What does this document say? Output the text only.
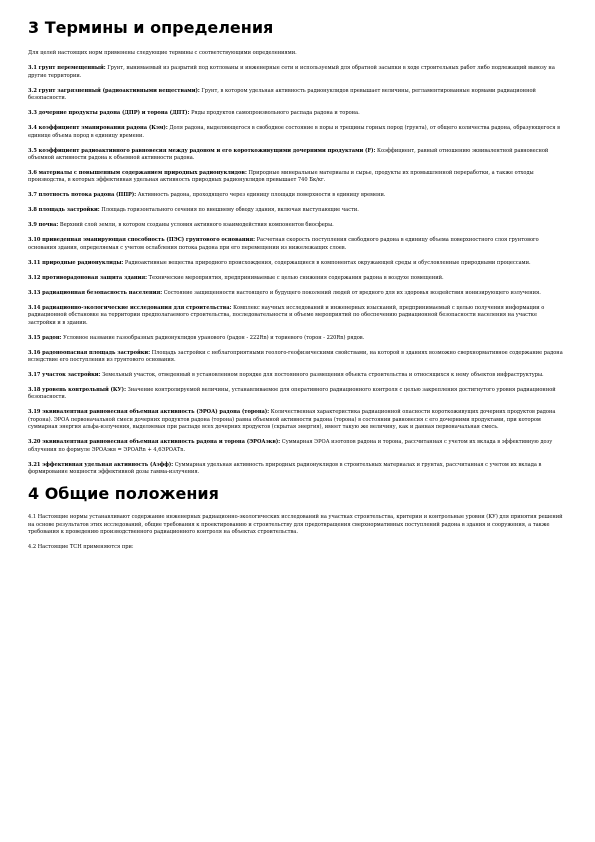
3 Термины и определения
Для целей настоящих норм применены следующие термины с соответствующими определениями.
3.1 грунт перемещенный: Грунт, вынимаемый из разрытий под котлованы и инженерные сети и используемый для обратной засыпки в ходе строительных работ либо подлежащий вывозу на другие территории.
3.2 грунт загрязненный (радиоактивными веществами): Грунт, в котором удельная активность радионуклидов превышает величины, регламентированные нормами радиационной безопасности.
3.3 дочерние продукты радона (ДПР) и торона (ДПТ): Ряды продуктов самопроизвольного распада радона и торона.
3.4 коэффициент эманирования радона (Кэм): Доля радона, выделяющегося в свободное состояние в поры и трещины горных пород (грунта), от общего количества радона, образующегося в единице объема пород в единицу времени.
3.5 коэффициент радиоактивного равновесия между радоном и его короткоживущими дочерними продуктами (F): Коэффициент, равный отношению эквивалентной равновесной объемной активности радона к объемной активности радона.
3.6 материалы с повышенным содержанием природных радионуклидов: Природные минеральные материалы и сырье, продукты их промышленной переработки, а также отходы производства, в которых эффективная удельная активность природных радионуклидов превышает 740 Бк/кг.
3.7 плотность потока радона (ППР): Активность радона, проходящего через единицу площади поверхности в единицу времени.
3.8 площадь застройки: Площадь горизонтального сечения по внешнему обводу здания, включая выступающие части.
3.9 почва: Верхний слой земли, в котором созданы условия активного взаимодействия компонентов биосферы.
3.10 приведенная эманирующая способность (ПЭС) грунтового основания: Расчетная скорость поступления свободного радона в единицу объема поверхностного слоя грунтового основания здания, определяемая с учетом ослабления потока радона при его перемещении из нижележащих слоев.
3.11 природные радионуклиды: Радиоактивные вещества природного происхождения, содержащиеся в компонентах окружающей среды и обусловленные природными процессами.
3.12 противорадоновая защита здания: Технические мероприятия, предпринимаемые с целью снижения содержания радона в воздухе помещений.
3.13 радиационная безопасность населения: Состояние защищенности настоящего и будущего поколений людей от вредного для их здоровья воздействия ионизирующего излучения.
3.14 радиационно-экологические исследования для строительства: Комплекс научных исследований и инженерных изысканий, предпринимаемый с целью получения информации о радиационной обстановке на территории предполагаемого строительства, последовательности и объеме мероприятий по обеспечению радиационной безопасности населения на участке застройки и в здании.
3.15 радон: Условное название газообразных радионуклидов уранового (радон - 222Rn) и ториевого (торон - 220Rn) рядов.
3.16 радоноопасная площадь застройки: Площадь застройки с неблагоприятными геолого-геофизическими свойствами, на которой в зданиях возможно сверхнормативное содержание радона вследствие его поступления из грунтового основания.
3.17 участок застройки: Земельный участок, отведенный в установленном порядке для постоянного размещения объекта строительства и относящихся к нему объектов инфраструктуры.
3.18 уровень контрольный (КУ): Значение контролируемой величины, устанавливаемое для оперативного радиационного контроля с целью закрепления достигнутого уровня радиационной безопасности.
3.19 эквивалентная равновесная объемная активность (ЭРОА) радона (торона): Количественная характеристика радиационной опасности короткоживущих дочерних продуктов радона (торона). ЭРОА первоначальной смеси дочерних продуктов радона (торона) равна объемной активности радона (торона) в состоянии равновесия с его дочерними продуктами, при котором суммарная энергия альфа-излучения, выделяемая при распаде всех дочерних продуктов (скрытая энергия), имеет такую же величину, как и данная первоначальная смесь.
3.20 эквивалентная равновесная объемная активность радона и торона (ЭРОАэкв): Суммарная ЭРОА изотопов радона и торона, рассчитанная с учетом их вклада в эффективную дозу облучения по формуле ЭРОАэкв = ЭРОАRn + 4,6ЭРОАTn.
3.21 эффективная удельная активность (Аэфф): Суммарная удельная активность природных радионуклидов в строительных материалах и грунтах, рассчитанная с учетом их вклада в формирование мощности эффективной дозы гамма-излучения.
4 Общие положения
4.1 Настоящие нормы устанавливают содержание инженерных радиационно-экологических исследований на участках строительства, критерии и контрольные уровни (КУ) для принятия решений на основе результатов этих исследований, общие требования к проектированию и строительству для предотвращения сверхнормативных поступлений радона в здания и сооружения, а также требования к проведению производственного радиационного контроля на объектах строительства.
4.2 Настоящие ТСН применяются при:
